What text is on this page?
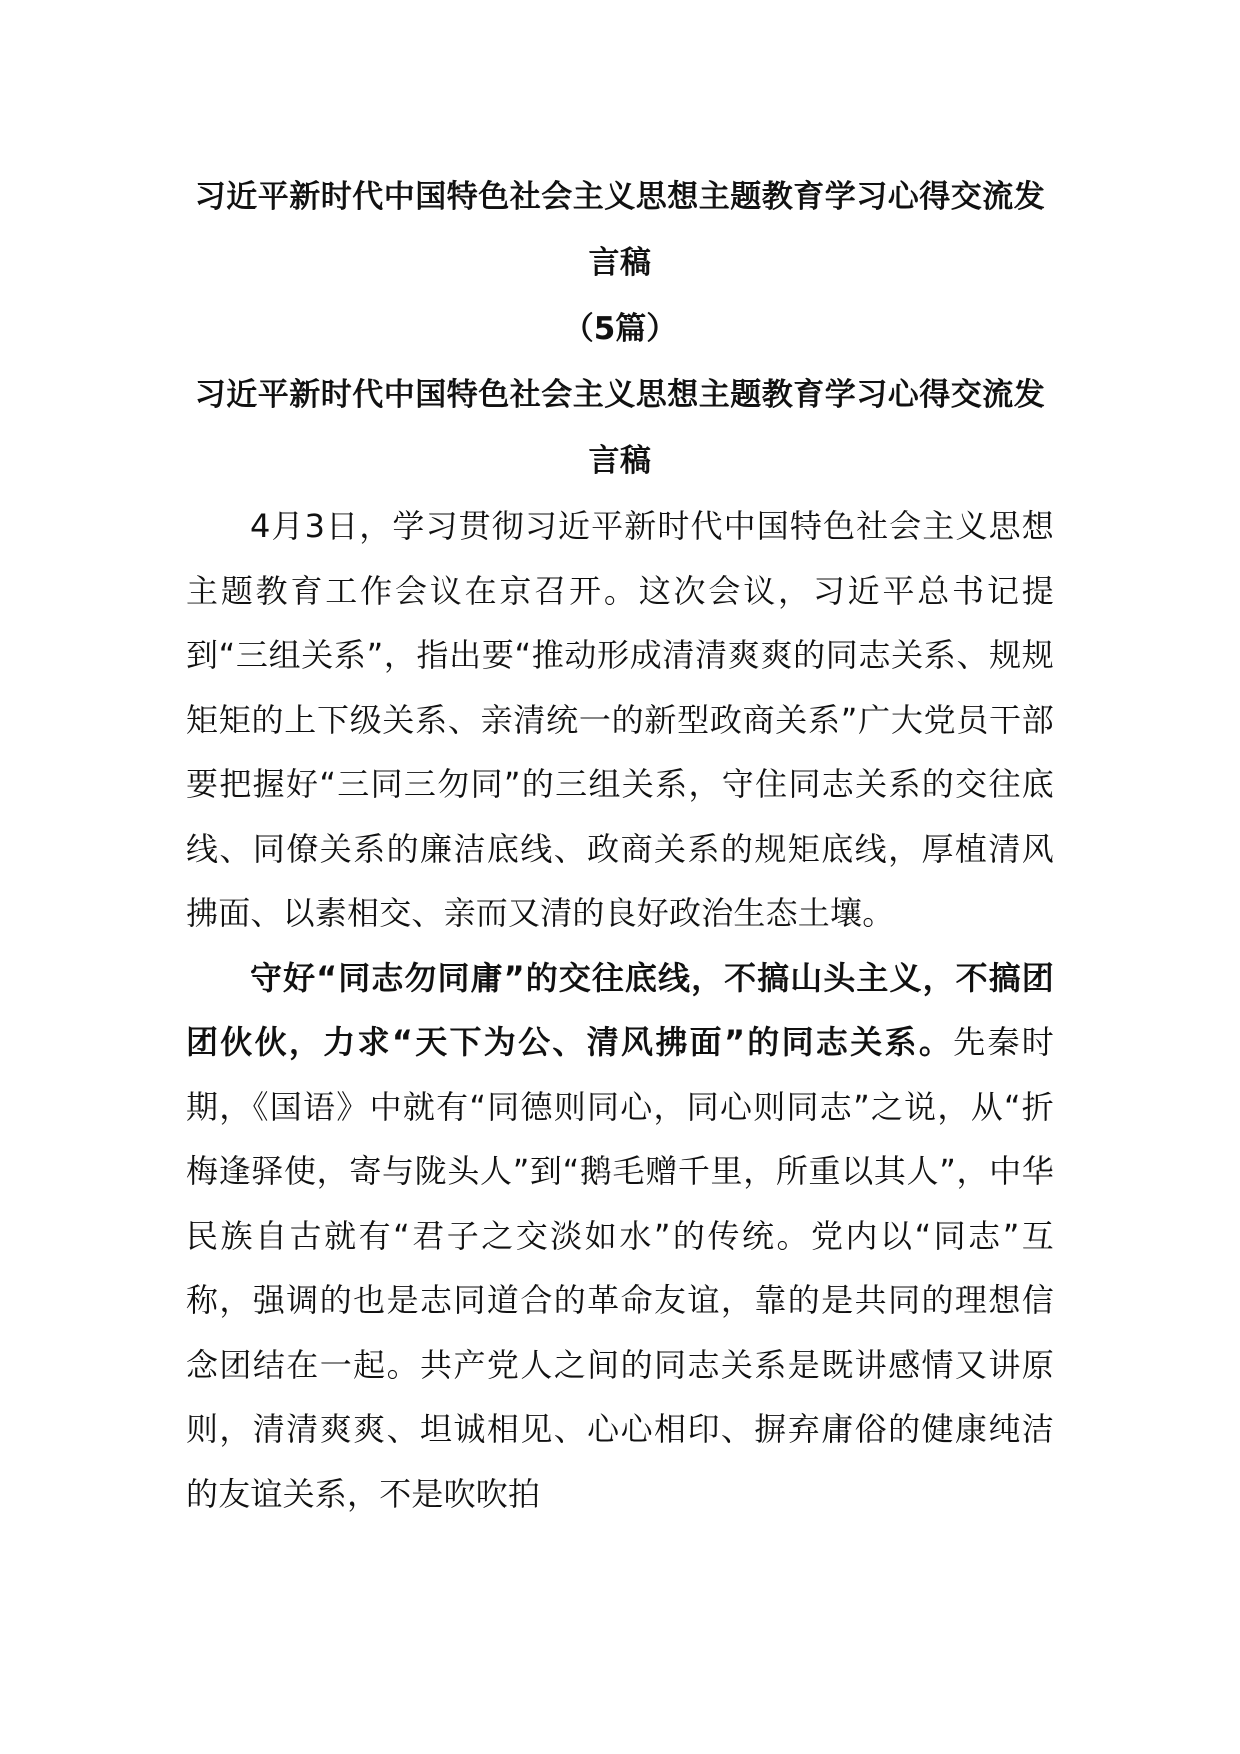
习近平新时代中国特色社会主义思想主题教育学习心得交流发言稿

（5篇）

习近平新时代中国特色社会主义思想主题教育学习心得交流发言稿

4月3日，学习贯彻习近平新时代中国特色社会主义思想主题教育工作会议在京召开。这次会议，习近平总书记提到“三组关系”，指出要“推动形成清清爽爽的同志关系、规规矩矩的上下级关系、亲清统一的新型政商关系”广大党员干部要把握好“三同三勿同”的三组关系，守住同志关系的交往底线、同僚关系的廉洁底线、政商关系的规矩底线，厚植清风拂面、以素相交、亲而又清的良好政治生态土壤。

守好“同志勿同庸”的交往底线，不搞山头主义，不搞团团伙伙，力求“天下为公、清风拂面”的同志关系。先秦时期，《国语》中就有“同德则同心，同心则同志”之说，从“折梅逢驿使，寄与陇头人”到“鹅毛赠千里，所重以其人”，中华民族自古就有“君子之交淡如水”的传统。党内以“同志”互称，强调的也是志同道合的革命友谊，靠的是共同的理想信念团结在一起。共产党人之间的同志关系是既讲感情又讲原则，清清爽爽、坦诚相见、心心相印、摒弃庸俗的健康纯洁的友谊关系，不是吹吹拍
